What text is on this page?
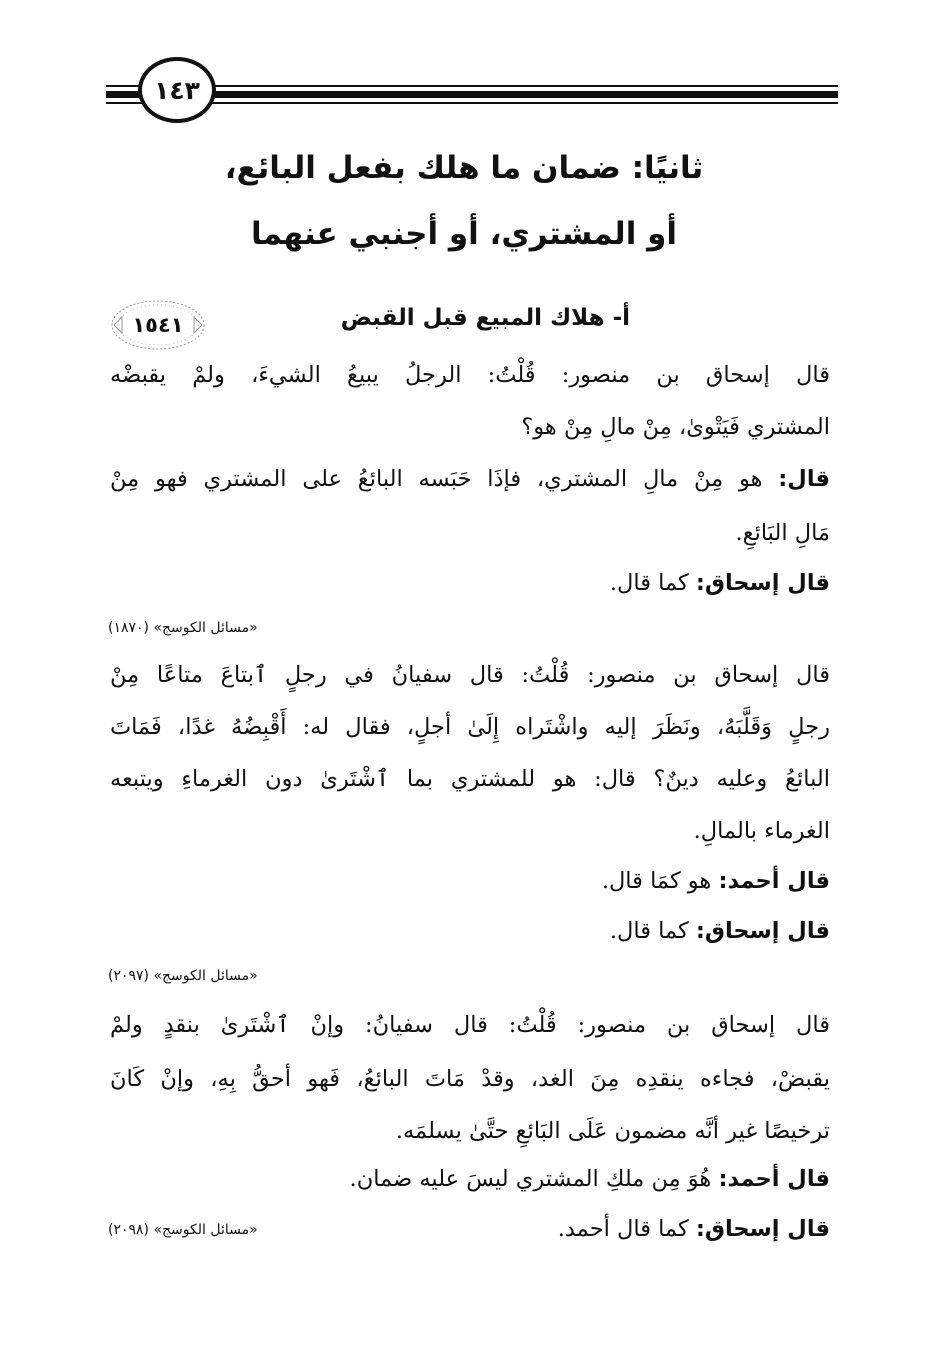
١٤٣
ثانيًا: ضمان ما هلك بفعل البائع،
أو المشتري، أو أجنبي عنهما
١٥٤١	أ- هلاك المبيع قبل القبض
قال إسحاق بن منصور: قُلْتُ: الرجلُ يبيعُ الشيءَ، ولمْ يقبضْه
المشتري فَيَتْوىٰ، مِنْ مالِ مِنْ هو؟
قال: هو مِنْ مالِ المشتري، فإذَا حَبَسه البائعُ على المشتري فهو مِنْ
مَالِ البَائعِ.
قال إسحاق: كما قال.
«مسائل الكوسج» (١٨٧٠)
قال إسحاق بن منصور: قُلْتُ: قال سفيانُ في رجلٍ ٱبتاعَ متاعًا مِنْ
رجلٍ وَقَلَّبَهُ، ونَظَرَ إليه واشْتَراه إِلَىٰ أجلٍ، فقال له: أَقْبِضُهُ غدًا، فَمَاتَ
البائعُ وعليه دينٌ؟ قال: هو للمشتري بما ٱشْتَرىٰ دون الغرماءِ ويتبعه
الغرماء بالمالِ.
قال أحمد: هو كمَا قال.
قال إسحاق: كما قال.
«مسائل الكوسج» (٢٠٩٧)
قال إسحاق بن منصور: قُلْتُ: قال سفيانُ: وإنْ ٱشْتَرىٰ بنقدٍ ولمْ
يقبضْ، فجاءه ينقدِه مِنَ الغد، وقدْ مَاتَ البائعُ، فَهو أحقُّ بِهِ، وإنْ كَانَ
ترخيصًا غير أنَّه مضمون عَلَى البَائعِ حتَّىٰ يسلمَه.
قال أحمد: هُوَ مِن ملكِ المشتري ليسَ عليه ضمان.
قال إسحاق: كما قال أحمد.
«مسائل الكوسج» (٢٠٩٨)
